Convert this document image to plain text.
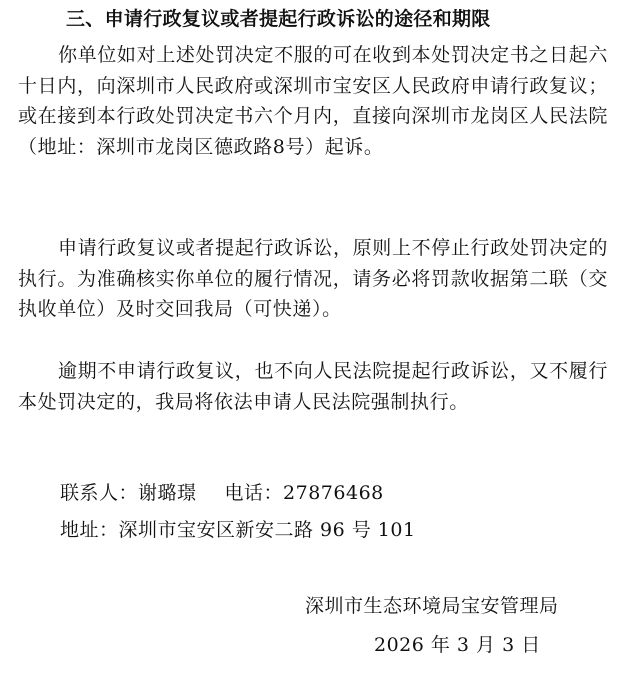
三、申请行政复议或者提起行政诉讼的途径和期限

你单位如对上述处罚决定不服的可在收到本处罚决定书之日起六十日内，向深圳市人民政府或深圳市宝安区人民政府申请行政复议；或在接到本行政处罚决定书六个月内，直接向深圳市龙岗区人民法院（地址：深圳市龙岗区德政路8号）起诉。

申请行政复议或者提起行政诉讼，原则上不停止行政处罚决定的执行。为准确核实你单位的履行情况，请务必将罚款收据第二联（交执收单位）及时交回我局（可快递）。

逾期不申请行政复议，也不向人民法院提起行政诉讼，又不履行本处罚决定的，我局将依法申请人民法院强制执行。

联系人：谢璐璟 电话：27876468
地址：深圳市宝安区新安二路 96 号 101
深圳市生态环境局宝安管理局
2026 年 3 月 3 日
